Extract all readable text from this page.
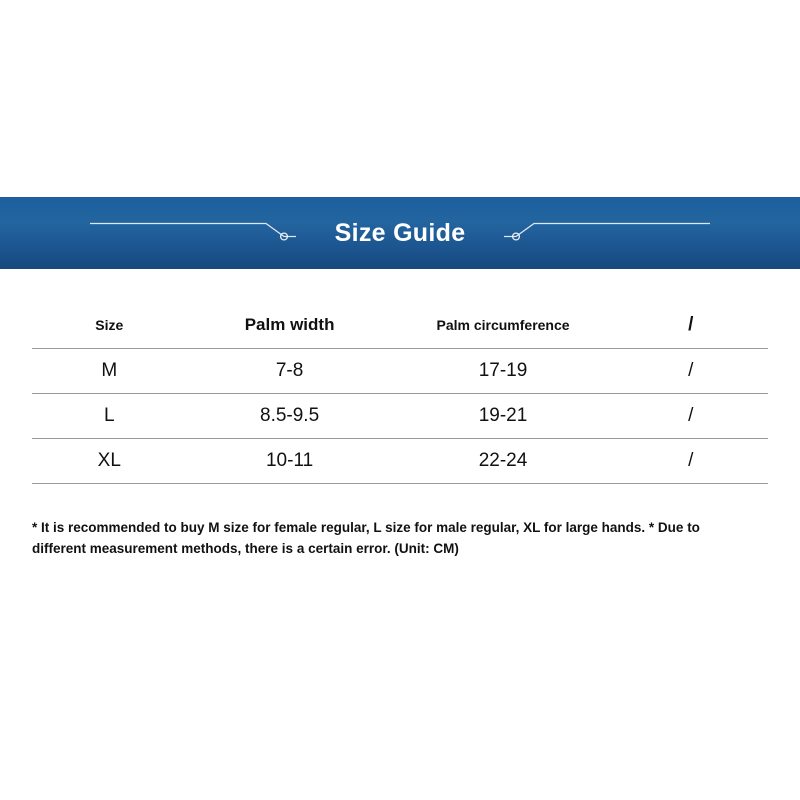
Size Guide
Size	Palm width	Palm circumference	/
M	7-8	17-19	/
L	8.5-9.5	19-21	/
XL	10-11	22-24	/
* It is recommended to buy M size for female regular, L size for male regular, XL for large hands. * Due to different measurement methods, there is a certain error. (Unit: CM)
